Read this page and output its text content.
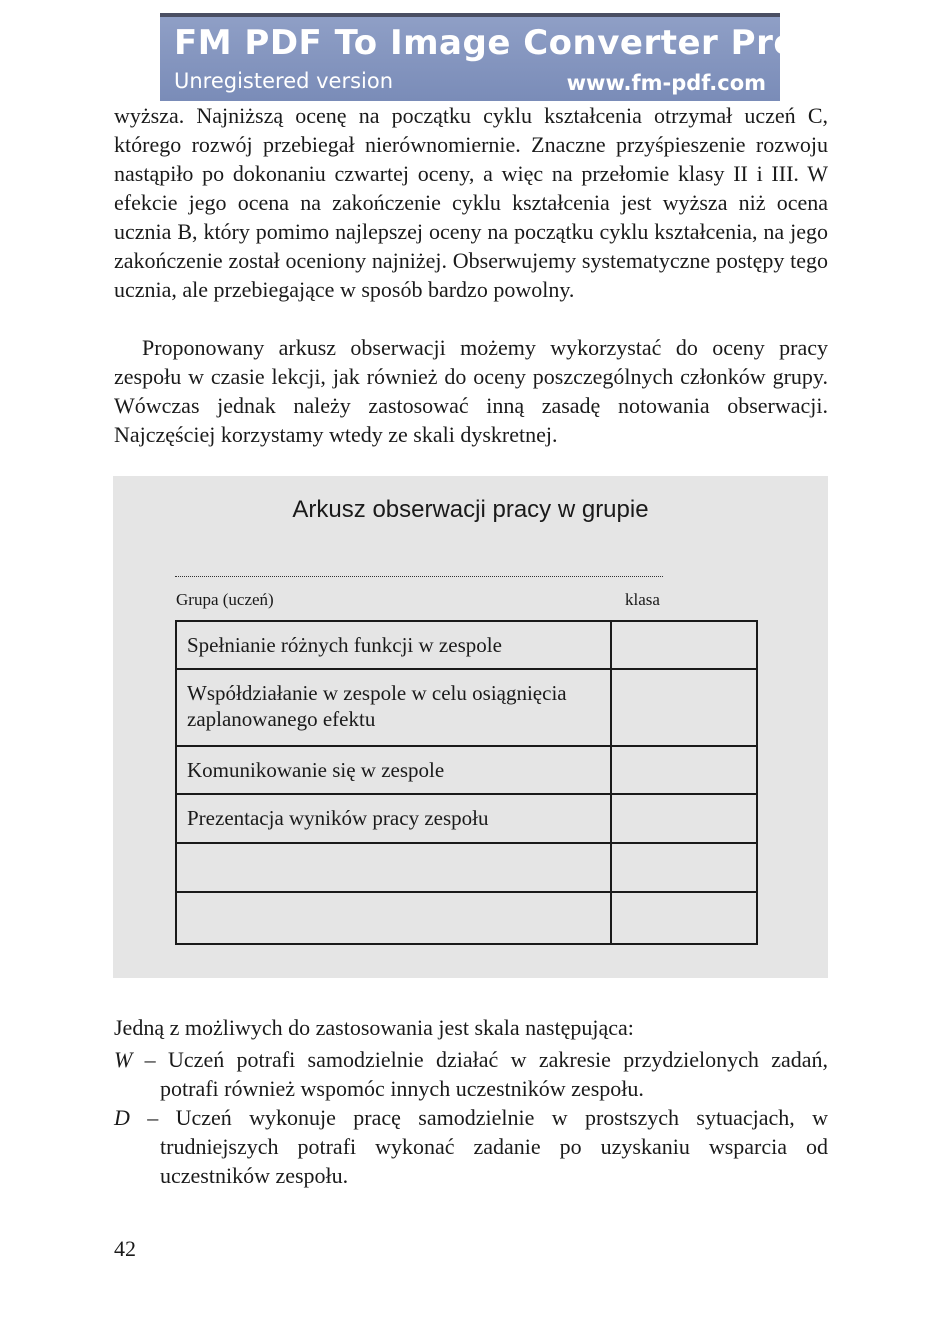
FM PDF To Image Converter Pro
Unregistered version	www.fm-pdf.com
wyższa. Najniższą ocenę na początku cyklu kształcenia otrzymał uczeń C, którego rozwój przebiegał nierównomiernie. Znaczne przyśpieszenie rozwoju nastąpiło po dokonaniu czwartej oceny, a więc na przełomie klasy II i III. W efekcie jego ocena na zakończenie cyklu kształcenia jest wyższa niż ocena ucznia B, który pomimo najlepszej oceny na początku cyklu kształcenia, na jego zakończenie został oceniony najniżej. Obserwujemy systematyczne postępy tego ucznia, ale przebiegające w sposób bardzo powolny.
Proponowany arkusz obserwacji możemy wykorzystać do oceny pracy zespołu w czasie lekcji, jak również do oceny poszczególnych członków grupy. Wówczas jednak należy zastosować inną zasadę notowania obserwacji. Najczęściej korzystamy wtedy ze skali dyskretnej.
Arkusz obserwacji pracy w grupie
Grupa (uczeń)	klasa
Spełnianie różnych funkcji w zespole	
Współdziałanie w zespole w celu osiągnięcia zaplanowanego efektu	
Komunikowanie się w zespole	
Prezentacja wyników pracy zespołu	

Jedną z możliwych do zastosowania jest skala następująca:
W – Uczeń potrafi samodzielnie działać w zakresie przydzielonych zadań, potrafi również wspomóc innych uczestników zespołu.
D – Uczeń wykonuje pracę samodzielnie w prostszych sytuacjach, w trudniejszych potrafi wykonać zadanie po uzyskaniu wsparcia od uczestników zespołu.
42
